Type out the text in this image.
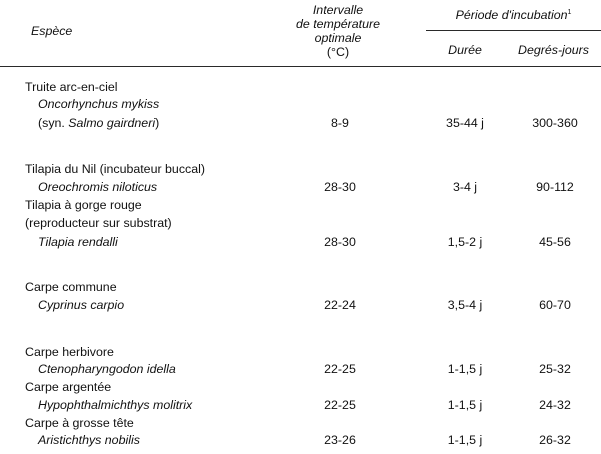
Espèce
Intervalle
de température
optimale
(°C)
Période d'incubation$^1$
Durée	Degrés-jours
Truite arc-en-ciel
Oncorhynchus mykiss
(syn. Salmo gairdneri)	8-9	35-44 j	300-360
Tilapia du Nil (incubateur buccal)
Oreochromis niloticus	28-30	3-4 j	90-112
Tilapia à gorge rouge
(reproducteur sur substrat)
Tilapia rendalli	28-30	1,5-2 j	45-56
Carpe commune
Cyprinus carpio	22-24	3,5-4 j	60-70
Carpe herbivore
Ctenopharyngodon idella	22-25	1-1,5 j	25-32
Carpe argentée
Hypophthalmichthys molitrix	22-25	1-1,5 j	24-32
Carpe à grosse tête
Aristichthys nobilis	23-26	1-1,5 j	26-32
